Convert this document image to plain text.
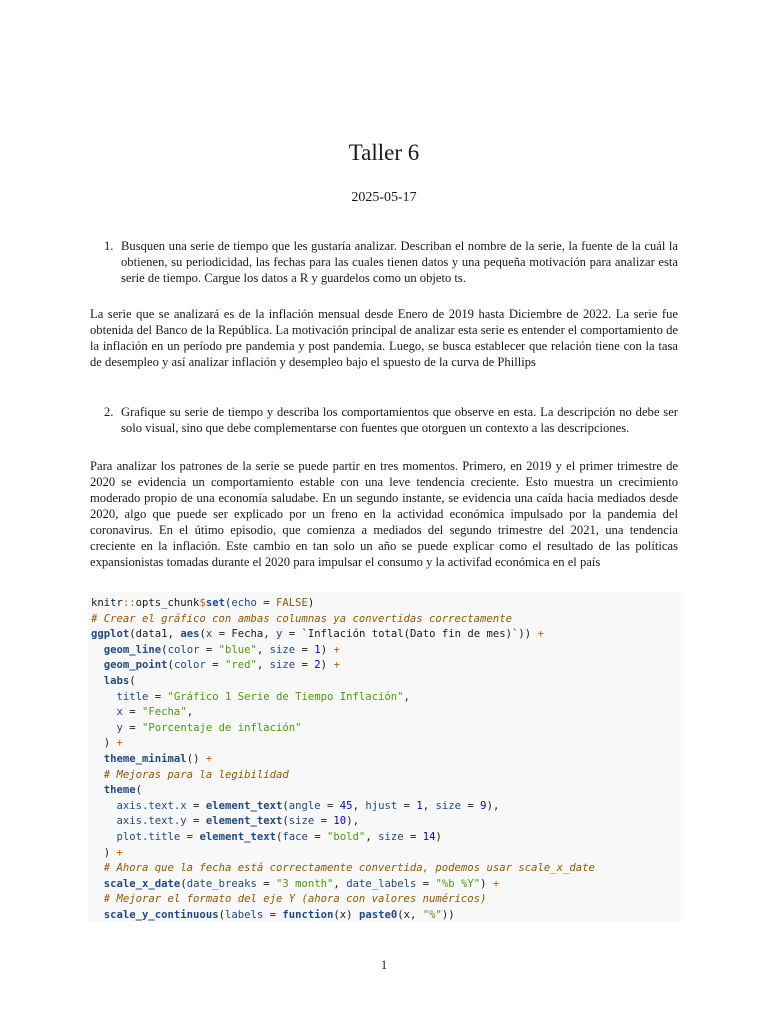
Taller 6
2025-05-17
1. Busquen una serie de tiempo que les gustaría analizar. Describan el nombre de la serie, la fuente de la cuál la obtienen, su periodicidad, las fechas para las cuales tienen datos y una pequeña motivación para analizar esta serie de tiempo. Cargue los datos a R y guardelos como un objeto ts.
La serie que se analizará es de la inflación mensual desde Enero de 2019 hasta Diciembre de 2022. La serie fue obtenida del Banco de la República. La motivación principal de analizar esta serie es entender el comportamiento de la inflación en un período pre pandemia y post pandemia. Luego, se busca establecer que relación tiene con la tasa de desempleo y así analizar inflación y desempleo bajo el spuesto de la curva de Phillips
2. Grafique su serie de tiempo y describa los comportamientos que observe en esta. La descripción no debe ser solo visual, sino que debe complementarse con fuentes que otorguen un contexto a las descripciones.
Para analizar los patrones de la serie se puede partir en tres momentos. Primero, en 2019 y el primer trimestre de 2020 se evidencia un comportamiento estable con una leve tendencia creciente. Esto muestra un crecimiento moderado propio de una economía saludabe. En un segundo instante, se evidencia una caída hacia mediados desde 2020, algo que puede ser explicado por un freno en la actividad económica impulsado por la pandemia del coronavirus. En el útimo episodio, que comienza a mediados del segundo trimestre del 2021, una tendencia creciente en la inflación. Este cambio en tan solo un año se puede explicar como el resultado de las políticas expansionistas tomadas durante el 2020 para impulsar el consumo y la activifad económica en el país
knitr::opts_chunk$set(echo = FALSE)
# Crear el gráfico con ambas columnas ya convertidas correctamente
ggplot(data1, aes(x = Fecha, y = `Inflación total(Dato fin de mes)`)) +
geom_line(color = "blue", size = 1) +
geom_point(color = "red", size = 2) +
labs(
title = "Gráfico 1 Serie de Tiempo Inflación",
x = "Fecha",
y = "Porcentaje de inflación"
) +
theme_minimal() +
# Mejoras para la legibilidad
theme(
axis.text.x = element_text(angle = 45, hjust = 1, size = 9),
axis.text.y = element_text(size = 10),
plot.title = element_text(face = "bold", size = 14)
) +
# Ahora que la fecha está correctamente convertida, podemos usar scale_x_date
scale_x_date(date_breaks = "3 month", date_labels = "%b %Y") +
# Mejorar el formato del eje Y (ahora con valores numéricos)
scale_y_continuous(labels = function(x) paste0(x, "%"))
1
